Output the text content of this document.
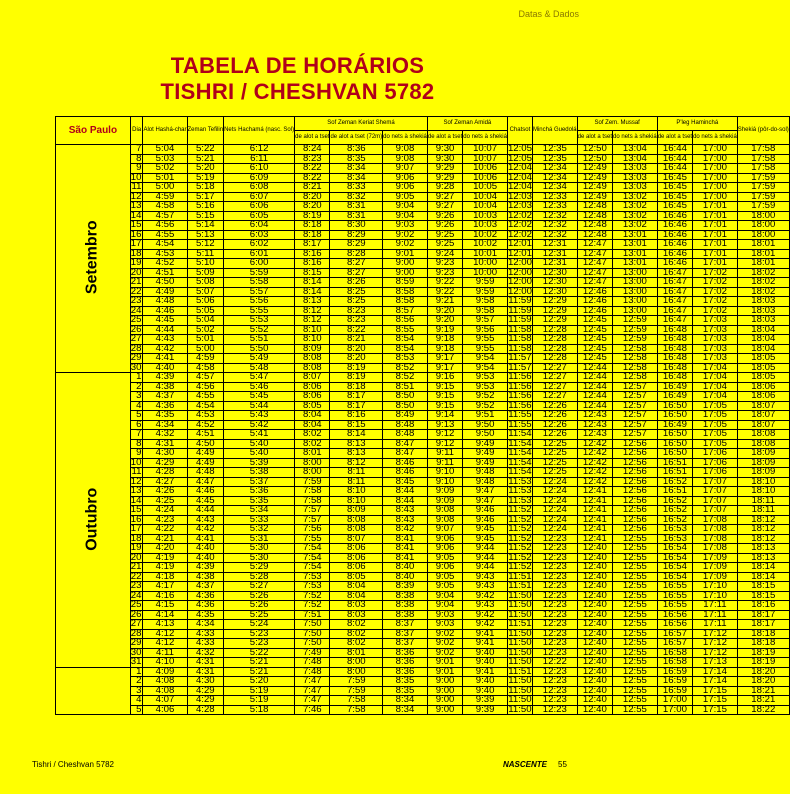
Datas & Dados
TABELA DE HORÁRIOS
TISHRI / CHESHVAN 5782
São Paulo	Dia	Alot Hashá-char	Zeman Tefilin	Nets Hachamá (nasc. Sol)	Sof Zeman Keriat Shemá			Sof Zeman Amidá		Chatsot	Minchá Guedolá	Sof Zem. Mussaf		P'leg Haminchá		Shekiá (pôr-do-sol)
					de alot a tset	de alot a tset (72m)	do nets à shekiá	de alot a tset	do nets à shekiá			de alot a tset	do nets à shekiá	de alot a tset	do nets à shekiá	
Setembro	7	5:04	5:22	6:12	8:24	8:36	9:08	9:30	10:07	12:05	12:35	12:50	13:04	16:44	17:00	17:58
	8	5:03	5:21	6:11	8:23	8:35	9:08	9:30	10:07	12:05	12:35	12:50	13:04	16:44	17:00	17:58
	9	5:02	5:20	6:10	8:22	8:34	9:07	9:29	10:06	12:04	12:34	12:49	13:03	16:44	17:00	17:58
	10	5:01	5:19	6:09	8:22	8:34	9:06	9:29	10:06	12:04	12:34	12:49	13:03	16:45	17:00	17:59
	11	5:00	5:18	6:08	8:21	8:33	9:06	9:28	10:05	12:04	12:34	12:49	13:03	16:45	17:00	17:59
	12	4:59	5:17	6:07	8:20	8:32	9:05	9:27	10:04	12:03	12:33	12:49	13:02	16:45	17:00	17:59
	13	4:58	5:16	6:06	8:20	8:31	9:04	9:27	10:04	12:03	12:33	12:48	13:02	16:45	17:01	17:59
	14	4:57	5:15	6:05	8:19	8:31	9:04	9:26	10:03	12:02	12:32	12:48	13:02	16:46	17:01	18:00
	15	4:56	5:14	6:04	8:18	8:30	9:03	9:26	10:03	12:02	12:32	12:48	13:02	16:46	17:01	18:00
	16	4:55	5:13	6:03	8:18	8:29	9:02	9:25	10:02	12:02	12:32	12:48	13:01	16:46	17:01	18:00
	17	4:54	5:12	6:02	8:17	8:29	9:02	9:25	10:02	12:01	12:31	12:47	13:01	16:46	17:01	18:01
	18	4:53	5:11	6:01	8:16	8:28	9:01	9:24	10:01	12:01	12:31	12:47	13:01	16:46	17:01	18:01
	19	4:52	5:10	6:00	8:16	8:27	9:00	9:23	10:00	12:00	12:31	12:47	13:01	16:46	17:01	18:01
	20	4:51	5:09	5:59	8:15	8:27	9:00	9:23	10:00	12:00	12:30	12:47	13:00	16:47	17:02	18:02
	21	4:50	5:08	5:58	8:14	8:26	8:59	9:22	9:59	12:00	12:30	12:47	13:00	16:47	17:02	18:02
	22	4:49	5:07	5:57	8:14	8:25	8:58	9:22	9:59	12:00	12:30	12:46	13:00	16:47	17:02	18:02
	23	4:48	5:06	5:56	8:13	8:25	8:58	9:21	9:58	11:59	12:29	12:46	13:00	16:47	17:02	18:03
	24	4:46	5:05	5:55	8:12	8:23	8:57	9:20	9:58	11:59	12:29	12:46	13:00	16:47	17:02	18:03
	25	4:45	5:04	5:53	8:12	8:23	8:56	9:20	9:57	11:59	12:29	12:45	12:59	16:47	17:03	18:03
	26	4:44	5:02	5:52	8:10	8:22	8:55	9:19	9:56	11:58	12:28	12:45	12:59	16:48	17:03	18:04
	27	4:43	5:01	5:51	8:10	8:21	8:54	9:18	9:55	11:58	12:28	12:45	12:59	16:48	17:03	18:04
	28	4:42	5:00	5:50	8:09	8:20	8:54	9:18	9:55	11:58	12:28	12:45	12:58	16:48	17:03	18:04
	29	4:41	4:59	5:49	8:08	8:20	8:53	9:17	9:54	11:57	12:28	12:45	12:58	16:48	17:03	18:05
	30	4:40	4:58	5:48	8:08	8:19	8:52	9:17	9:54	11:57	12:27	12:44	12:58	16:48	17:04	18:05
Outubro	1	4:39	4:57	5:47	8:07	8:19	8:52	9:16	9:53	11:56	12:27	12:44	12:58	16:48	17:04	18:05
	2	4:38	4:56	5:46	8:06	8:18	8:51	9:15	9:53	11:56	12:27	12:44	12:57	16:49	17:04	18:06
	3	4:37	4:55	5:45	8:06	8:17	8:50	9:15	9:52	11:56	12:27	12:44	12:57	16:49	17:04	18:06
	4	4:36	4:54	5:44	8:05	8:17	8:50	9:15	9:52	11:56	12:26	12:44	12:57	16:50	17:05	18:07
	5	4:35	4:53	5:43	8:04	8:16	8:49	9:14	9:51	11:55	12:26	12:43	12:57	16:50	17:05	18:07
	6	4:34	4:52	5:42	8:04	8:15	8:48	9:13	9:50	11:55	12:26	12:43	12:57	16:49	17:05	18:07
	7	4:32	4:51	5:41	8:02	8:14	8:48	9:12	9:50	11:54	12:26	12:43	12:57	16:50	17:05	18:08
	8	4:31	4:50	5:40	8:02	8:13	8:47	9:12	9:49	11:54	12:25	12:42	12:56	16:50	17:05	18:08
	9	4:30	4:49	5:40	8:01	8:13	8:47	9:11	9:49	11:54	12:25	12:42	12:56	16:50	17:06	18:09
	10	4:29	4:49	5:39	8:00	8:12	8:46	9:11	9:49	11:54	12:25	12:42	12:56	16:51	17:06	18:09
	11	4:28	4:48	5:38	8:00	8:11	8:46	9:10	9:48	11:54	12:25	12:42	12:56	16:51	17:06	18:09
	12	4:27	4:47	5:37	7:59	8:11	8:45	9:10	9:48	11:53	12:24	12:42	12:56	16:52	17:07	18:10
	13	4:26	4:46	5:36	7:58	8:10	8:44	9:09	9:47	11:53	12:24	12:41	12:56	16:51	17:07	18:10
	14	4:25	4:45	5:35	7:58	8:10	8:44	9:09	9:47	11:53	12:24	12:41	12:56	16:52	17:07	18:11
	15	4:24	4:44	5:34	7:57	8:09	8:43	9:08	9:46	11:52	12:24	12:41	12:56	16:52	17:07	18:11
	16	4:23	4:43	5:33	7:57	8:08	8:43	9:08	9:46	11:52	12:24	12:41	12:56	16:52	17:08	18:12
	17	4:22	4:42	5:32	7:56	8:08	8:42	9:07	9:45	11:52	12:24	12:41	12:56	16:53	17:08	18:12
	18	4:21	4:41	5:31	7:55	8:07	8:41	9:06	9:45	11:52	12:23	12:41	12:55	16:53	17:08	18:12
	19	4:20	4:40	5:30	7:54	8:06	8:41	9:06	9:44	11:52	12:23	12:40	12:55	16:54	17:08	18:13
	20	4:19	4:40	5:30	7:54	8:06	8:41	9:05	9:44	11:52	12:23	12:40	12:55	16:54	17:09	18:13
	21	4:19	4:39	5:29	7:54	8:06	8:40	9:06	9:44	11:52	12:23	12:40	12:55	16:54	17:09	18:14
	22	4:18	4:38	5:28	7:53	8:05	8:40	9:05	9:43	11:51	12:23	12:40	12:55	16:54	17:09	18:14
	23	4:17	4:37	5:27	7:53	8:04	8:39	9:05	9:43	11:51	12:23	12:40	12:55	16:55	17:10	18:15
	24	4:16	4:36	5:26	7:52	8:04	8:38	9:04	9:42	11:50	12:23	12:40	12:55	16:55	17:10	18:15
	25	4:15	4:36	5:26	7:52	8:03	8:38	9:04	9:43	11:50	12:23	12:40	12:55	16:55	17:11	18:16
	26	4:14	4:35	5:25	7:51	8:03	8:38	9:03	9:42	11:50	12:23	12:40	12:55	16:56	17:11	18:17
	27	4:13	4:34	5:24	7:50	8:02	8:37	9:03	9:42	11:51	12:23	12:40	12:55	16:56	17:11	18:17
	28	4:12	4:33	5:23	7:50	8:02	8:37	9:02	9:41	11:50	12:23	12:40	12:55	16:57	17:12	18:18
	29	4:12	4:33	5:23	7:50	8:02	8:37	9:02	9:41	11:50	12:23	12:40	12:55	16:57	17:12	18:18
	30	4:11	4:32	5:22	7:49	8:01	8:36	9:02	9:40	11:50	12:23	12:40	12:55	16:58	17:12	18:19
	31	4:10	4:31	5:21	7:48	8:00	8:36	9:01	9:40	11:50	12:22	12:40	12:55	16:58	17:13	18:19
	1	4:09	4:31	5:21	7:48	8:00	8:36	9:01	9:41	11:51	12:23	12:40	12:55	16:59	17:14	18:20
	2	4:08	4:30	5:20	7:47	7:59	8:35	9:00	9:40	11:50	12:23	12:40	12:55	16:59	17:14	18:20
	3	4:08	4:29	5:19	7:47	7:59	8:35	9:00	9:40	11:50	12:23	12:40	12:55	16:59	17:15	18:21
	4	4:07	4:29	5:19	7:47	7:58	8:34	9:00	9:39	11:50	12:23	12:40	12:55	17:00	17:15	18:21
	5	4:06	4:28	5:18	7:46	7:58	8:34	9:00	9:39	11:50	12:23	12:40	12:55	17:00	17:15	18:22
Tishri / Cheshvan 5782	NASCENTE 55
